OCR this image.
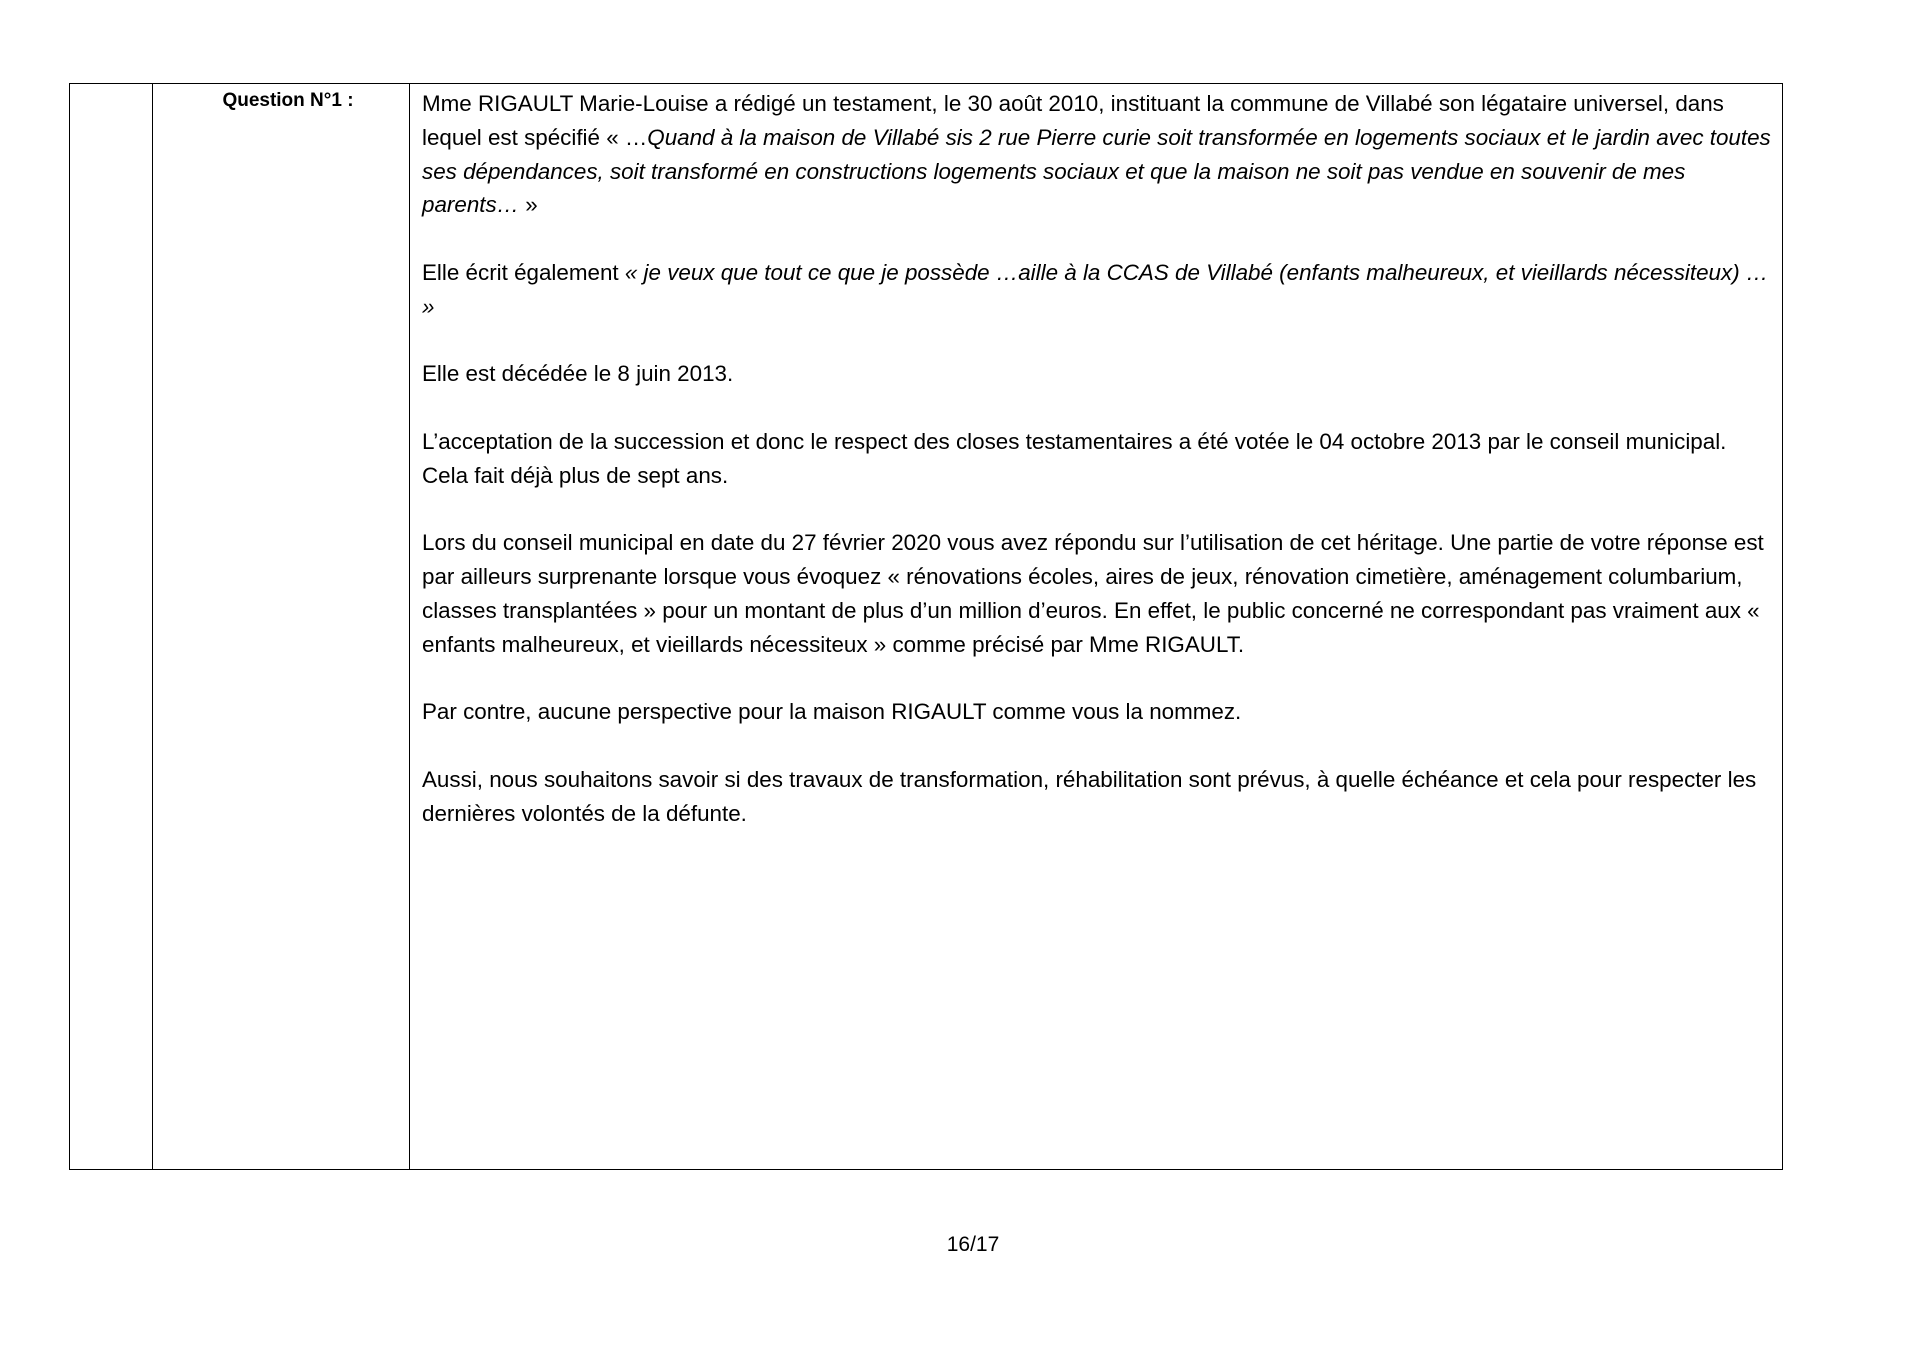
Question N°1 :	Mme RIGAULT Marie-Louise a rédigé un testament, le 30 août 2010, instituant la commune de Villabé son légataire universel, dans lequel est spécifié « …Quand à la maison de Villabé sis 2 rue Pierre curie soit transformée en logements sociaux et le jardin avec toutes ses dépendances, soit transformé en constructions logements sociaux et que la maison ne soit pas vendue en souvenir de mes parents… »

Elle écrit également « je veux que tout ce que je possède …aille à la CCAS de Villabé (enfants malheureux, et vieillards nécessiteux) … »

Elle est décédée le 8 juin 2013.

L’acceptation de la succession et donc le respect des closes testamentaires a été votée le 04 octobre 2013 par le conseil municipal.

Cela fait déjà plus de sept ans.

Lors du conseil municipal en date du 27 février 2020 vous avez répondu sur l’utilisation de cet héritage. Une partie de votre réponse est par ailleurs surprenante lorsque vous évoquez « rénovations écoles, aires de jeux, rénovation cimetière, aménagement columbarium, classes transplantées » pour un montant de plus d’un million d’euros. En effet, le public concerné ne correspondant pas vraiment aux « enfants malheureux, et vieillards nécessiteux » comme précisé par Mme RIGAULT.

Par contre, aucune perspective pour la maison RIGAULT comme vous la nommez.

Aussi, nous souhaitons savoir si des travaux de transformation, réhabilitation sont prévus, à quelle échéance et cela pour respecter les dernières volontés de la défunte.

16/17
